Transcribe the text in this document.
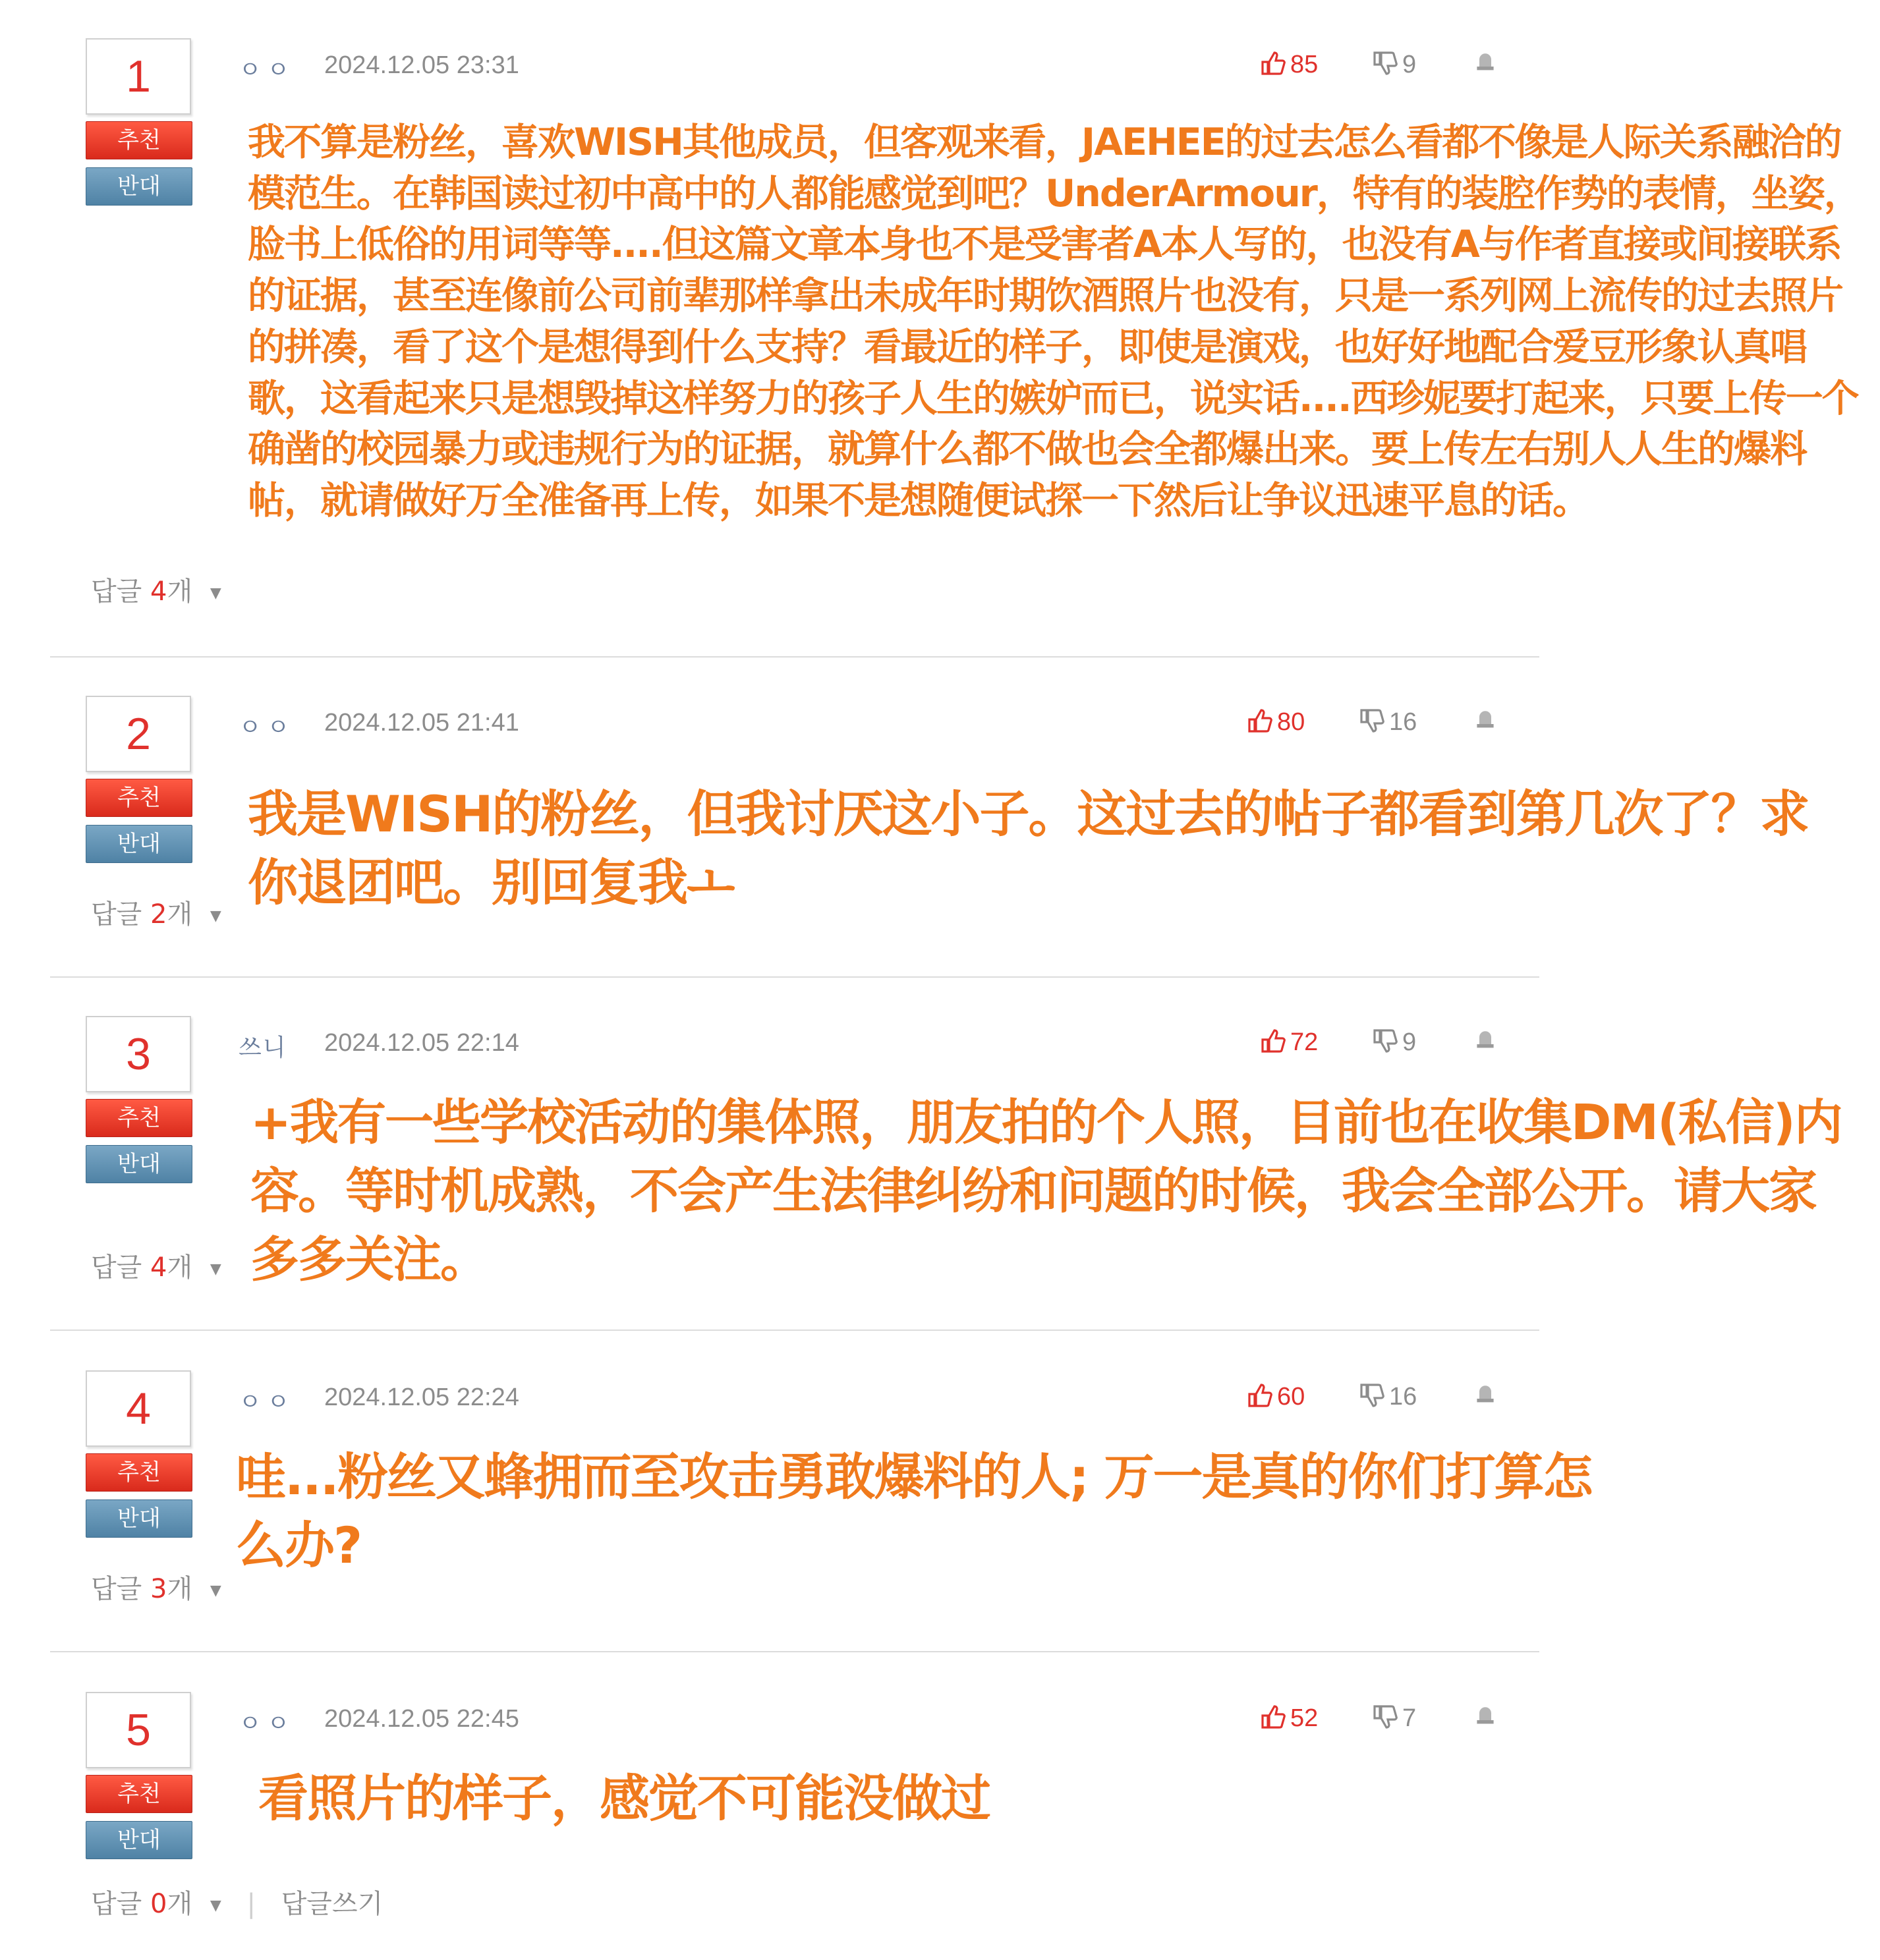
1
추천
반대
ㅇㅇ 2024.12.05 23:31	85	9
我不算是粉丝，喜欢WISH其他成员，但客观来看，JAEHEE的过去怎么看都不像是人际关系融洽的模范生。在韩国读过初中高中的人都能感觉到吧？UnderArmour，特有的装腔作势的表情，坐姿，脸书上低俗的用词等等....但这篇文章本身也不是受害者A本人写的，也没有A与作者直接或间接联系的证据，甚至连像前公司前辈那样拿出未成年时期饮酒照片也没有，只是一系列网上流传的过去照片的拼凑，看了这个是想得到什么支持？看最近的样子，即使是演戏，也好好地配合爱豆形象认真唱歌，这看起来只是想毁掉这样努力的孩子人生的嫉妒而已，说实话....西珍妮要打起来，只要上传一个确凿的校园暴力或违规行为的证据，就算什么都不做也会全都爆出来。要上传左右别人人生的爆料帖，就请做好万全准备再上传，如果不是想随便试探一下然后让争议迅速平息的话。
답글 4개 ▼
2
추천
반대
ㅇㅇ 2024.12.05 21:41	80	16
我是WISH的粉丝，但我讨厌这小子。这过去的帖子都看到第几次了？求你退团吧。别回复我ㅗ
답글 2개 ▼
3
추천
반대
쓰니 2024.12.05 22:14	72	9
+我有一些学校活动的集体照，朋友拍的个人照，目前也在收集DM(私信)内容。等时机成熟，不会产生法律纠纷和问题的时候，我会全部公开。请大家多多关注。
답글 4개 ▼
4
추천
반대
ㅇㅇ 2024.12.05 22:24	60	16
哇...粉丝又蜂拥而至攻击勇敢爆料的人; 万一是真的你们打算怎么办?
답글 3개 ▼
5
추천
반대
ㅇㅇ 2024.12.05 22:45	52	7
看照片的样子，感觉不可能没做过
답글 0개 ▼ | 답글쓰기
